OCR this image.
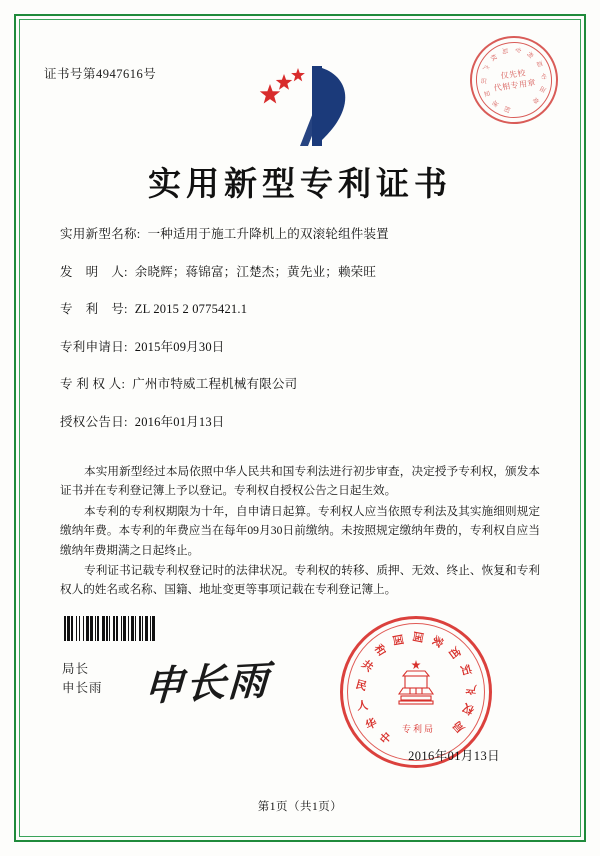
证书号第4947616号
国
家
知
识
产
权
局 专 利
局
专
用
章
仅先校
代相专用章
实用新型专利证书
实用新型名称: 一种适用于施工升降机上的双滚轮组件装置
发　明　人: 余晓辉；蒋锦富；江楚杰；黄先业；赖荣旺
专　利　号: ZL 2015 2 0775421.1
专利申请日: 2015年09月30日
专 利 权 人: 广州市特威工程机械有限公司
授权公告日: 2016年01月13日

本实用新型经过本局依照中华人民共和国专利法进行初步审查，决定授予专利权，颁发本证书并在专利登记簿上予以登记。专利权自授权公告之日起生效。

本专利的专利权期限为十年，自申请日起算。专利权人应当依照专利法及其实施细则规定缴纳年费。本专利的年费应当在每年09月30日前缴纳。未按照规定缴纳年费的，专利权自应当缴纳年费期满之日起终止。

专利证书记载专利权登记时的法律状况。专利权的转移、质押、无效、终止、恢复和专利权人的姓名或名称、国籍、地址变更等事项记载在专利登记簿上。

局长
申长雨 申长雨
中
华
人
民
共
和
国 国 家
知
识
产
权
局
专 利 局
2016年01月13日
第1页（共1页）
